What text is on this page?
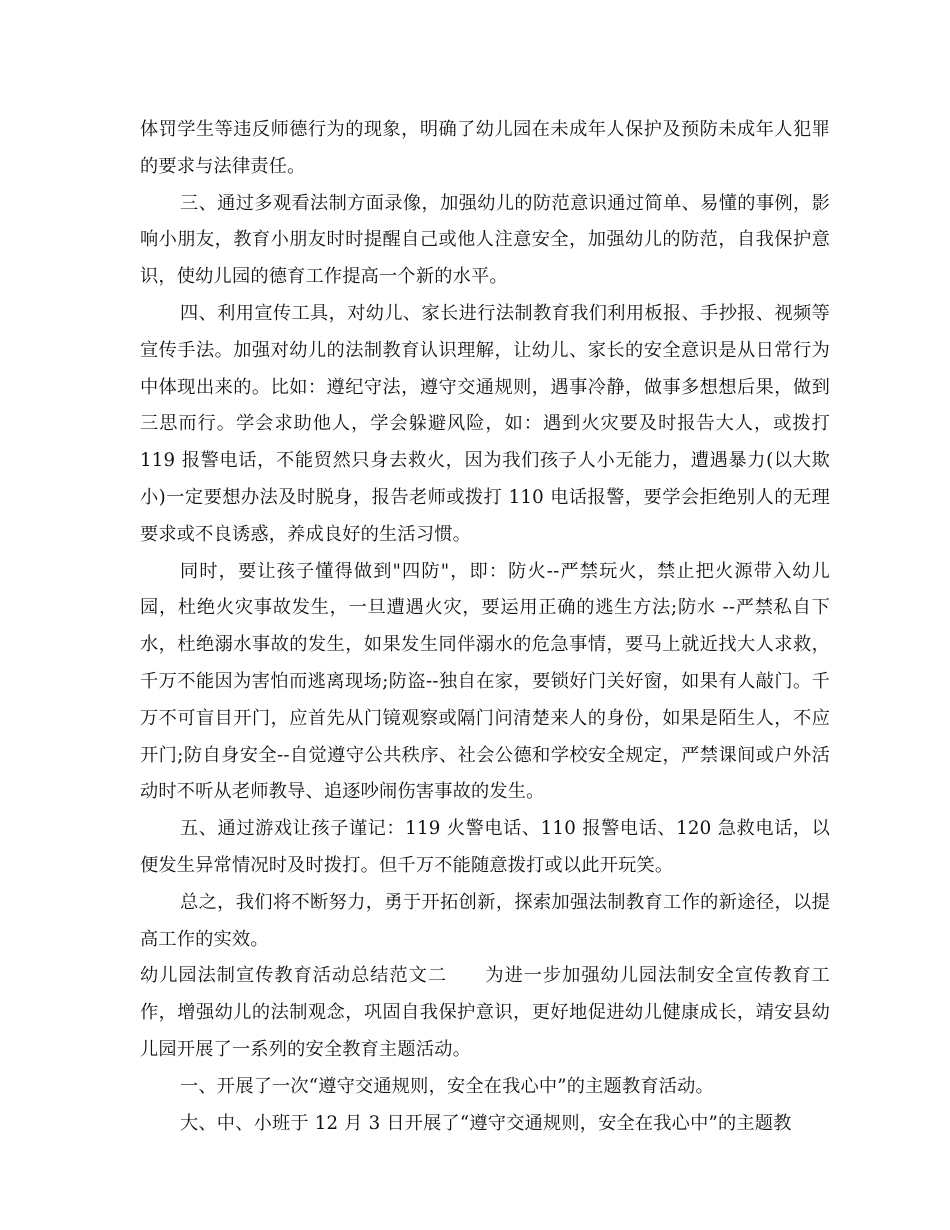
体罚学生等违反师德行为的现象，明确了幼儿园在未成年人保护及预防未成年人犯罪的要求与法律责任。

三、通过多观看法制方面录像，加强幼儿的防范意识通过简单、易懂的事例，影响小朋友，教育小朋友时时提醒自己或他人注意安全，加强幼儿的防范，自我保护意识，使幼儿园的德育工作提高一个新的水平。

四、利用宣传工具，对幼儿、家长进行法制教育我们利用板报、手抄报、视频等宣传手法。加强对幼儿的法制教育认识理解，让幼儿、家长的安全意识是从日常行为中体现出来的。比如：遵纪守法，遵守交通规则，遇事冷静，做事多想想后果，做到三思而行。学会求助他人，学会躲避风险，如：遇到火灾要及时报告大人，或拨打 119 报警电话，不能贸然只身去救火，因为我们孩子人小无能力，遭遇暴力(以大欺小)一定要想办法及时脱身，报告老师或拨打 110 电话报警，要学会拒绝别人的无理要求或不良诱惑，养成良好的生活习惯。

同时，要让孩子懂得做到"四防"，即：防火--严禁玩火，禁止把火源带入幼儿园，杜绝火灾事故发生，一旦遭遇火灾，要运用正确的逃生方法;防水 --严禁私自下水，杜绝溺水事故的发生，如果发生同伴溺水的危急事情，要马上就近找大人求救，千万不能因为害怕而逃离现场;防盗--独自在家，要锁好门关好窗，如果有人敲门。千万不可盲目开门，应首先从门镜观察或隔门问清楚来人的身份，如果是陌生人，不应开门;防自身安全--自觉遵守公共秩序、社会公德和学校安全规定，严禁课间或户外活动时不听从老师教导、追逐吵闹伤害事故的发生。

五、通过游戏让孩子谨记：119 火警电话、110 报警电话、120 急救电话，以便发生异常情况时及时拨打。但千万不能随意拨打或以此开玩笑。

总之，我们将不断努力，勇于开拓创新，探索加强法制教育工作的新途径，以提高工作的实效。

幼儿园法制宣传教育活动总结范文二　　为进一步加强幼儿园法制安全宣传教育工作，增强幼儿的法制观念，巩固自我保护意识，更好地促进幼儿健康成长，靖安县幼儿园开展了一系列的安全教育主题活动。

一、开展了一次“遵守交通规则，安全在我心中”的主题教育活动。

大、中、小班于 12 月 3 日开展了“遵守交通规则，安全在我心中”的主题教
